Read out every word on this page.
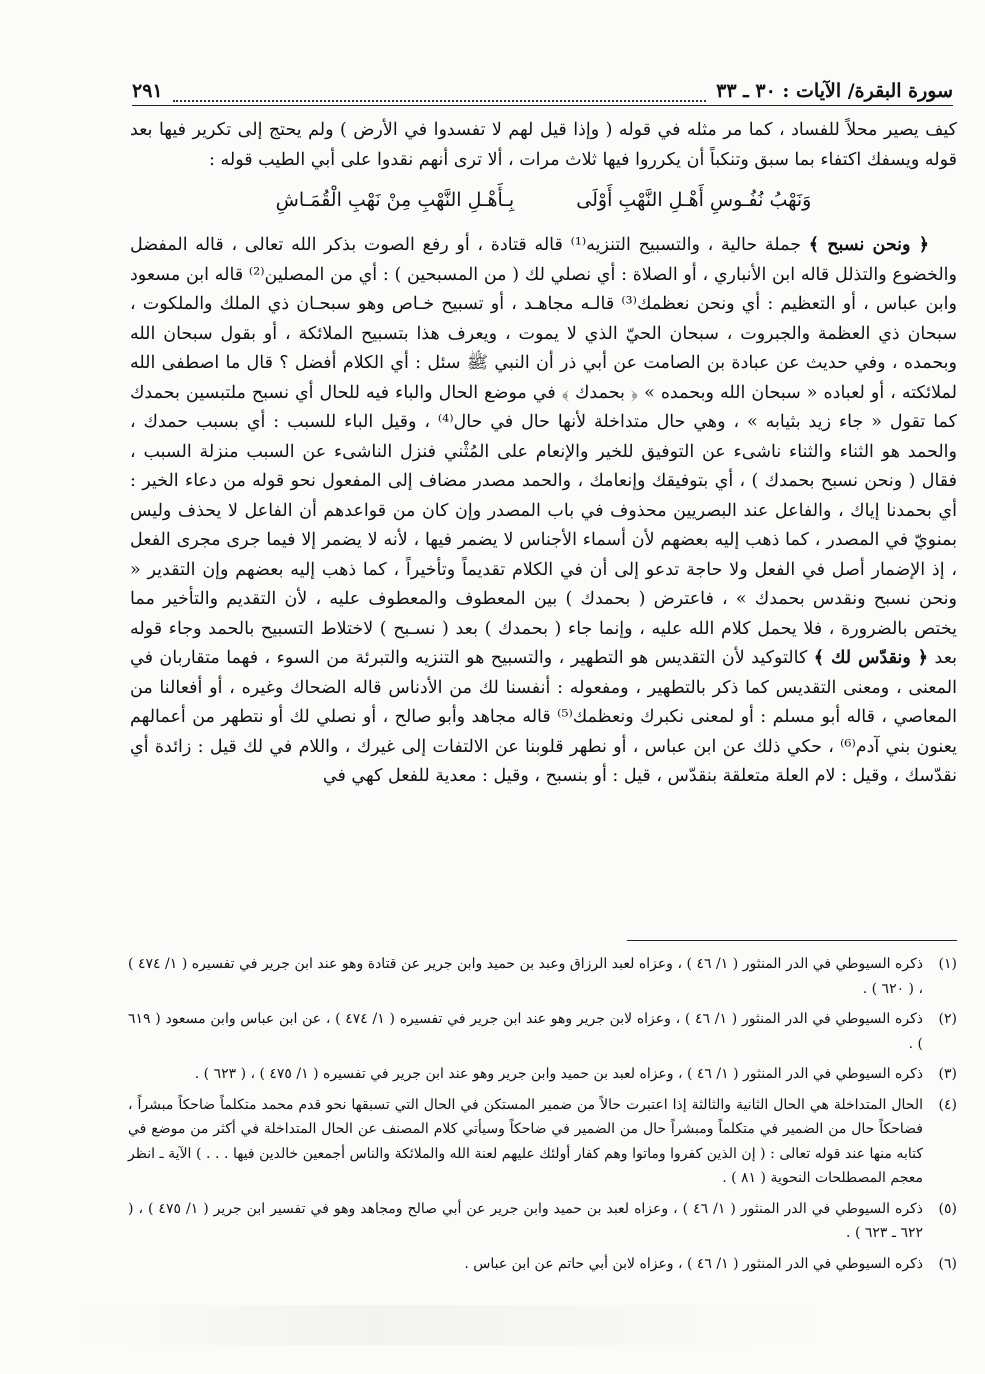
سورة البقرة/ الآيات : ٣٠ ـ ٣٣
٢٩١

كيف يصير محلاً للفساد ، كما مر مثله في قوله ( وإذا قيل لهم لا تفسدوا في الأرض ) ولم يحتج إلى تكرير فيها بعد قوله ويسفك اكتفاء بما سبق وتنكباً أن يكرروا فيها ثلاث مرات ، ألا ترى أنهم نقدوا على أبي الطيب قوله :

وَنَهْبُ نُفُـوسِ أَهْـلِ النَّهْبِ أَوْلَى بِـأَهْـلِ النَّهْبِ مِنْ نَهْبِ الْقُمَـاشِ

﴿ ونحن نسبح ﴾ جملة حالية ، والتسبيح التنزيه⁽¹⁾ قاله قتادة ، أو رفع الصوت بذكر الله تعالى ، قاله المفضل والخضوع والتذلل قاله ابن الأنباري ، أو الصلاة : أي نصلي لك ( من المسبحين ) : أي من المصلين⁽²⁾ قاله ابن مسعود وابن عباس ، أو التعظيم : أي ونحن نعظمك⁽³⁾ قالـه مجاهـد ، أو تسبيح خـاص وهو سبحـان ذي الملك والملكوت ، سبحان ذي العظمة والجبروت ، سبحان الحيّ الذي لا يموت ، ويعرف هذا بتسبيح الملائكة ، أو بقول سبحان الله وبحمده ، وفي حديث عن عبادة بن الصامت عن أبي ذر أن النبي ﷺ سئل : أي الكلام أفضل ؟ قال ما اصطفى الله لملائكته ، أو لعباده « سبحان الله وبحمده » ﴿ بحمدك ﴾ في موضع الحال والباء فيه للحال أي نسبح ملتبسين بحمدك كما تقول « جاء زيد بثيابه » ، وهي حال متداخلة لأنها حال في حال⁽⁴⁾ ، وقيل الباء للسبب : أي بسبب حمدك ، والحمد هو الثناء والثناء ناشىء عن التوفيق للخير والإنعام على المُثْني فنزل الناشىء عن السبب منزلة السبب ، فقال ( ونحن نسبح بحمدك ) ، أي بتوفيقك وإنعامك ، والحمد مصدر مضاف إلى المفعول نحو قوله من دعاء الخير : أي بحمدنا إياك ، والفاعل عند البصريين محذوف في باب المصدر وإن كان من قواعدهم أن الفاعل لا يحذف وليس بمنويّ في المصدر ، كما ذهب إليه بعضهم لأن أسماء الأجناس لا يضمر فيها ، لأنه لا يضمر إلا فيما جرى مجرى الفعل ، إذ الإضمار أصل في الفعل ولا حاجة تدعو إلى أن في الكلام تقديماً وتأخيراً ، كما ذهب إليه بعضهم وإن التقدير « ونحن نسبح ونقدس بحمدك » ، فاعترض ( بحمدك ) بين المعطوف والمعطوف عليه ، لأن التقديم والتأخير مما يختص بالضرورة ، فلا يحمل كلام الله عليه ، وإنما جاء ( بحمدك ) بعد ( نسـبح ) لاختلاط التسبيح بالحمد وجاء قوله بعد ﴿ ونقدّس لك ﴾ كالتوكيد لأن التقديس هو التطهير ، والتسبيح هو التنزيه والتبرئة من السوء ، فهما متقاربان في المعنى ، ومعنى التقديس كما ذكر بالتطهير ، ومفعوله : أنفسنا لك من الأدناس قاله الضحاك وغيره ، أو أفعالنا من المعاصي ، قاله أبو مسلم : أو لمعنى نكبرك ونعظمك⁽⁵⁾ قاله مجاهد وأبو صالح ، أو نصلي لك أو نتطهر من أعمالهم يعنون بني آدم⁽⁶⁾ ، حكي ذلك عن ابن عباس ، أو نطهر قلوبنا عن الالتفات إلى غيرك ، واللام في لك قيل : زائدة أي نقدّسك ، وقيل : لام العلة متعلقة بنقدّس ، قيل : أو بنسبح ، وقيل : معدية للفعل كهي في

(١)
ذكره السيوطي في الدر المنثور ( ١/ ٤٦ ) ، وعزاه لعبد الرزاق وعبد بن حميد وابن جرير عن قتادة وهو عند ابن جرير في تفسيره ( ١/ ٤٧٤ ) ، ( ٦٢٠ ) .
(٢)
ذكره السيوطي في الدر المنثور ( ١/ ٤٦ ) ، وعزاه لابن جرير وهو عند ابن جرير في تفسيره ( ١/ ٤٧٤ ) ، عن ابن عباس وابن مسعود ( ٦١٩ ) .
(٣)
ذكره السيوطي في الدر المنثور ( ١/ ٤٦ ) ، وعزاه لعبد بن حميد وابن جرير وهو عند ابن جرير في تفسيره ( ١/ ٤٧٥ ) ، ( ٦٢٣ ) .
(٤)
الحال المتداخلة هي الحال الثانية والثالثة إذا اعتبرت حالاً من ضمير المستكن في الحال التي تسبقها نحو قدم محمد متكلماً ضاحكاً مبشراً ، فضاحكاً حال من الضمير في متكلماً ومبشراً حال من الضمير في ضاحكاً وسيأتي كلام المصنف عن الحال المتداخلة في أكثر من موضع في كتابه منها عند قوله تعالى : ( إن الذين كفروا وماتوا وهم كفار أولئك عليهم لعنة الله والملائكة والناس أجمعين خالدين فيها . . . ) الآية ـ انظر معجم المصطلحات النحوية ( ٨١ ) .
(٥)
ذكره السيوطي في الدر المنثور ( ١/ ٤٦ ) ، وعزاه لعبد بن حميد وابن جرير عن أبي صالح ومجاهد وهو في تفسير ابن جرير ( ١/ ٤٧٥ ) ، ( ٦٢٢ ـ ٦٢٣ ) .
(٦)
ذكره السيوطي في الدر المنثور ( ١/ ٤٦ ) ، وعزاه لابن أبي حاتم عن ابن عباس .
